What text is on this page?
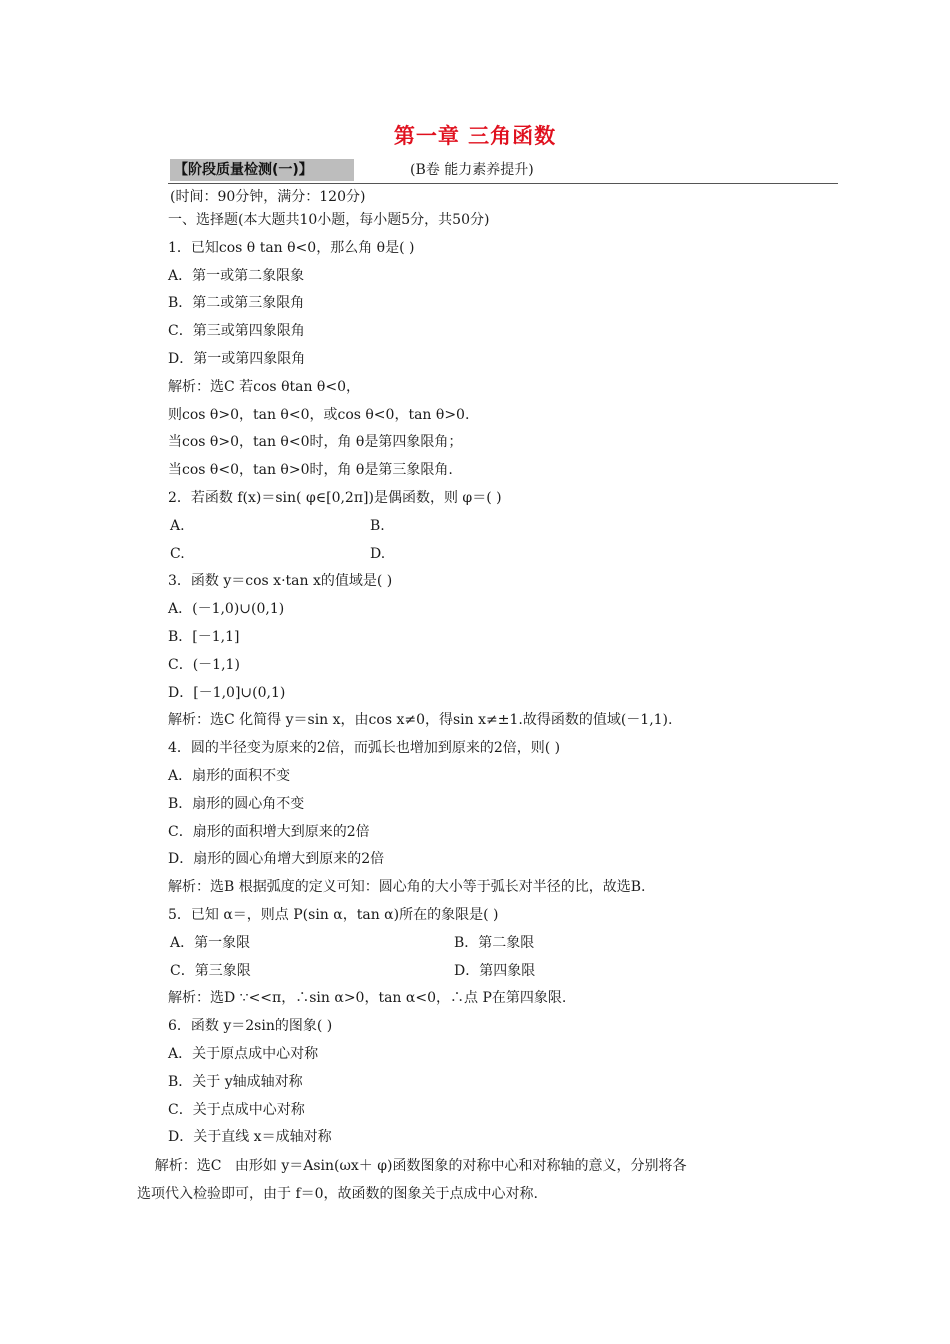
第一章 三角函数
【阶段质量检测(一)】	(B卷 能力素养提升)
(时间：90分钟，满分：120分)
一、选择题(本大题共10小题，每小题5分，共50分)
1．已知cos θ tan θ<0，那么角 θ是( )
A．第一或第二象限象
B．第二或第三象限角
C．第三或第四象限角
D．第一或第四象限角
解析：选C 若cos θtan θ<0，
则cos θ>0，tan θ<0，或cos θ<0，tan θ>0.
当cos θ>0，tan θ<0时，角 θ是第四象限角；
当cos θ<0，tan θ>0时，角 θ是第三象限角.
2．若函数 f(x)＝sin( φ∈[0,2π])是偶函数，则 φ＝( )
A.	B.
C.	D.
3．函数 y＝cos x·tan x的值域是( )
A．(－1,0)∪(0,1)
B．[－1,1]
C．(－1,1)
D．[－1,0]∪(0,1)
解析：选C 化简得 y＝sin x，由cos x≠0，得sin x≠±1.故得函数的值域(－1,1).
4．圆的半径变为原来的2倍，而弧长也增加到原来的2倍，则( )
A．扇形的面积不变
B．扇形的圆心角不变
C．扇形的面积增大到原来的2倍
D．扇形的圆心角增大到原来的2倍
解析：选B 根据弧度的定义可知：圆心角的大小等于弧长对半径的比，故选B.
5．已知 α＝，则点 P(sin α，tan α)所在的象限是( )
A．第一象限	B．第二象限
C．第三象限	D．第四象限
解析：选D ∵<<π，∴sin α>0，tan α<0，∴点 P在第四象限.
6．函数 y＝2sin的图象( )
A．关于原点成中心对称
B．关于 y轴成轴对称
C．关于点成中心对称
D．关于直线 x＝成轴对称
解析：选C   由形如 y＝Asin(ωx＋ φ)函数图象的对称中心和对称轴的意义，分别将各
选项代入检验即可，由于 f＝0，故函数的图象关于点成中心对称.
